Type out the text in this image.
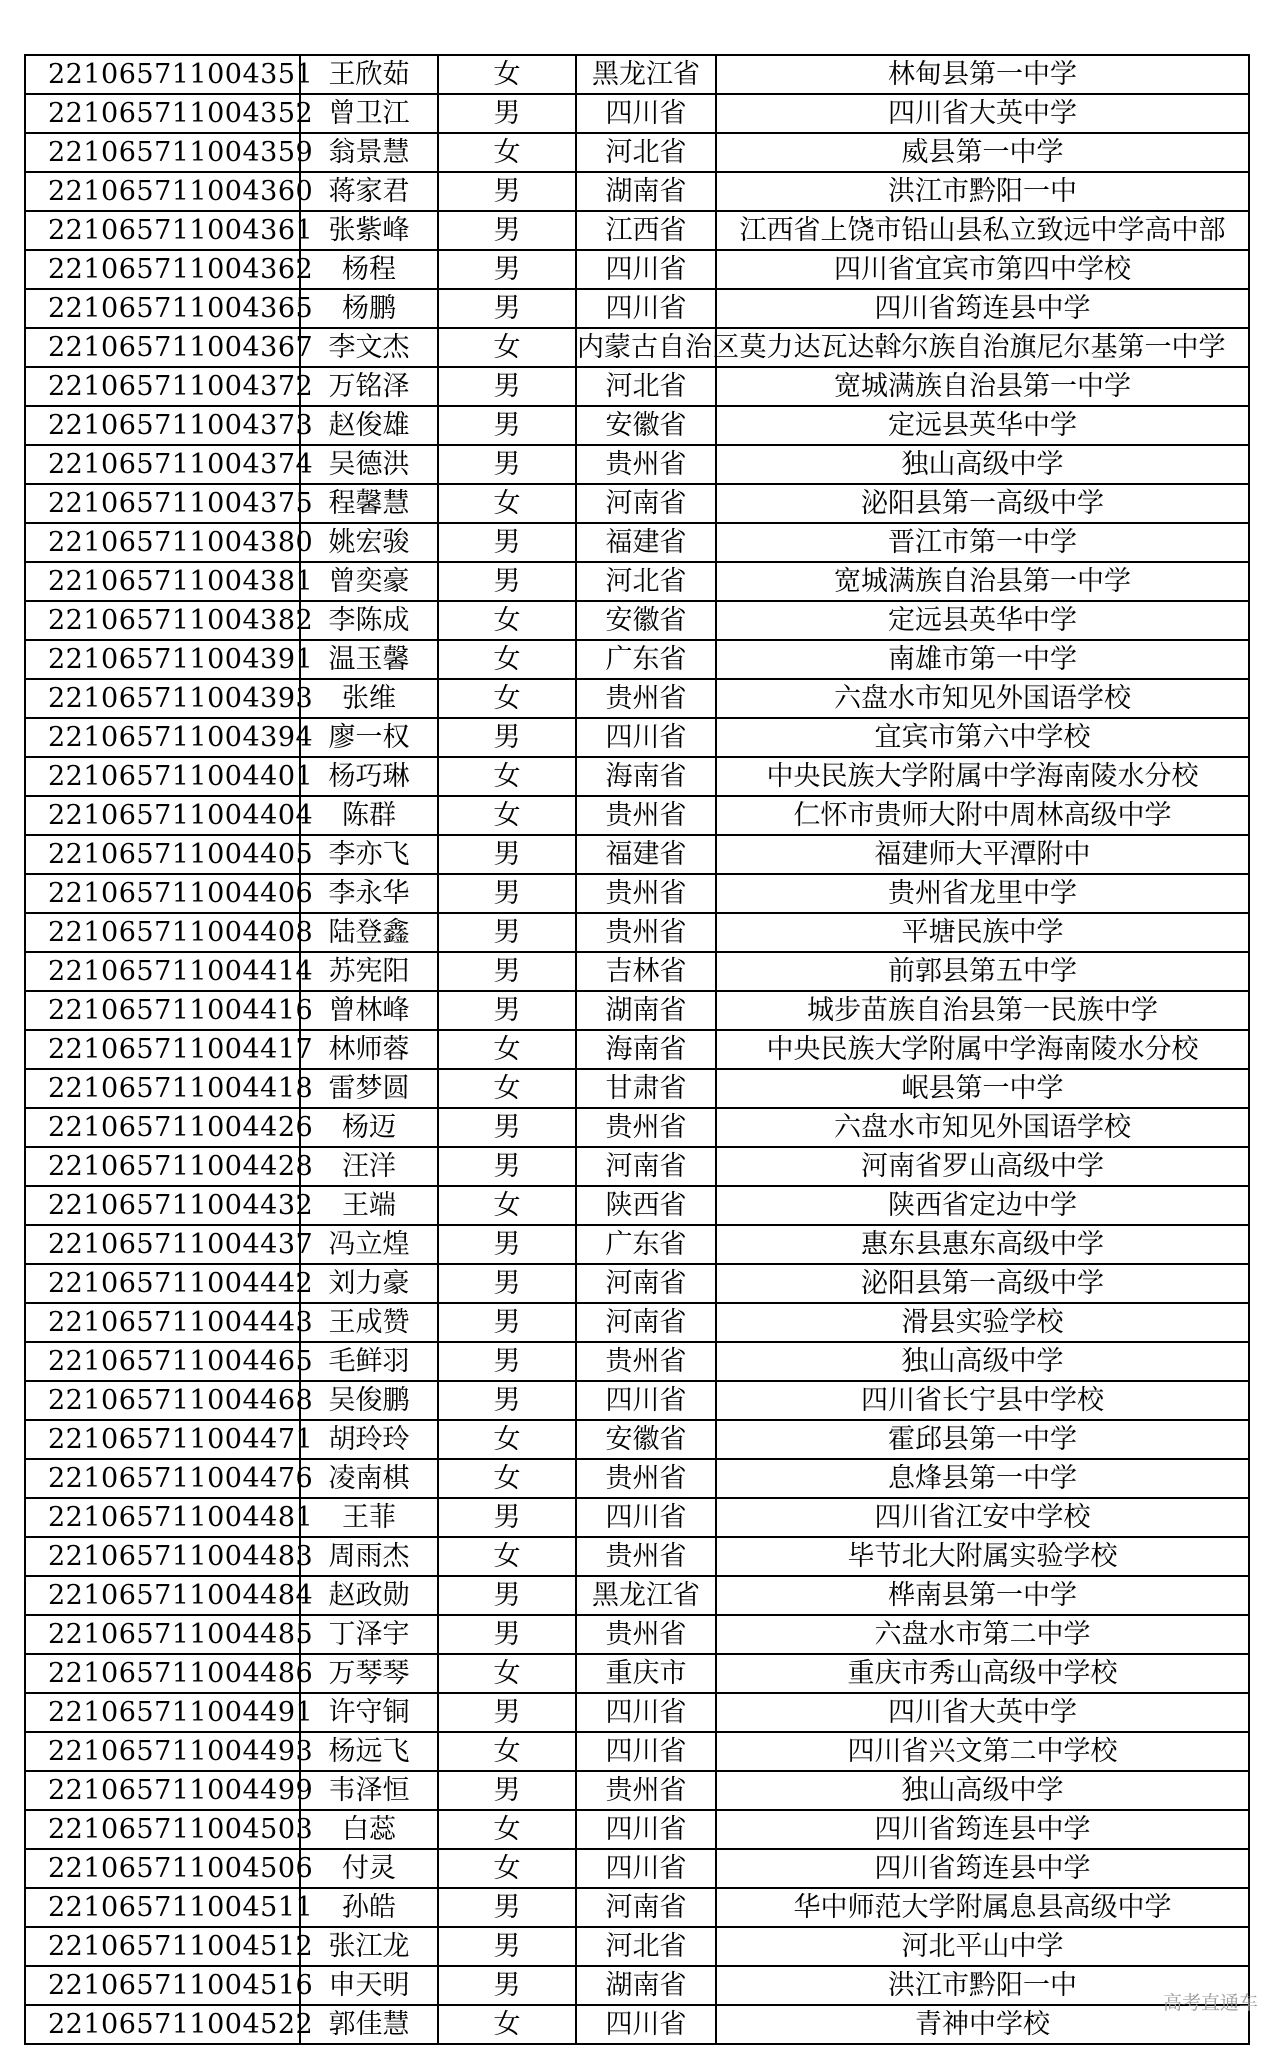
221065711004351	王欣茹	女	黑龙江省	林甸县第一中学
221065711004352	曾卫江	男	四川省	四川省大英中学
221065711004359	翁景慧	女	河北省	威县第一中学
221065711004360	蒋家君	男	湖南省	洪江市黔阳一中
221065711004361	张紫峰	男	江西省	江西省上饶市铅山县私立致远中学高中部
221065711004362	杨程	男	四川省	四川省宜宾市第四中学校
221065711004365	杨鹏	男	四川省	四川省筠连县中学
221065711004367	李文杰	女	内蒙古自治区	莫力达瓦达斡尔族自治旗尼尔基第一中学
221065711004372	万铭泽	男	河北省	宽城满族自治县第一中学
221065711004373	赵俊雄	男	安徽省	定远县英华中学
221065711004374	吴德洪	男	贵州省	独山高级中学
221065711004375	程馨慧	女	河南省	泌阳县第一高级中学
221065711004380	姚宏骏	男	福建省	晋江市第一中学
221065711004381	曾奕豪	男	河北省	宽城满族自治县第一中学
221065711004382	李陈成	女	安徽省	定远县英华中学
221065711004391	温玉馨	女	广东省	南雄市第一中学
221065711004393	张维	女	贵州省	六盘水市知见外国语学校
221065711004394	廖一权	男	四川省	宜宾市第六中学校
221065711004401	杨巧琳	女	海南省	中央民族大学附属中学海南陵水分校
221065711004404	陈群	女	贵州省	仁怀市贵师大附中周林高级中学
221065711004405	李亦飞	男	福建省	福建师大平潭附中
221065711004406	李永华	男	贵州省	贵州省龙里中学
221065711004408	陆登鑫	男	贵州省	平塘民族中学
221065711004414	苏宪阳	男	吉林省	前郭县第五中学
221065711004416	曾林峰	男	湖南省	城步苗族自治县第一民族中学
221065711004417	林师蓉	女	海南省	中央民族大学附属中学海南陵水分校
221065711004418	雷梦圆	女	甘肃省	岷县第一中学
221065711004426	杨迈	男	贵州省	六盘水市知见外国语学校
221065711004428	汪洋	男	河南省	河南省罗山高级中学
221065711004432	王端	女	陕西省	陕西省定边中学
221065711004437	冯立煌	男	广东省	惠东县惠东高级中学
221065711004442	刘力豪	男	河南省	泌阳县第一高级中学
221065711004443	王成赞	男	河南省	滑县实验学校
221065711004465	毛鲜羽	男	贵州省	独山高级中学
221065711004468	吴俊鹏	男	四川省	四川省长宁县中学校
221065711004471	胡玲玲	女	安徽省	霍邱县第一中学
221065711004476	凌南棋	女	贵州省	息烽县第一中学
221065711004481	王菲	男	四川省	四川省江安中学校
221065711004483	周雨杰	女	贵州省	毕节北大附属实验学校
221065711004484	赵政勋	男	黑龙江省	桦南县第一中学
221065711004485	丁泽宇	男	贵州省	六盘水市第二中学
221065711004486	万琴琴	女	重庆市	重庆市秀山高级中学校
221065711004491	许守铜	男	四川省	四川省大英中学
221065711004493	杨远飞	女	四川省	四川省兴文第二中学校
221065711004499	韦泽恒	男	贵州省	独山高级中学
221065711004503	白蕊	女	四川省	四川省筠连县中学
221065711004506	付灵	女	四川省	四川省筠连县中学
221065711004511	孙皓	男	河南省	华中师范大学附属息县高级中学
221065711004512	张江龙	男	河北省	河北平山中学
221065711004516	申天明	男	湖南省	洪江市黔阳一中
221065711004522	郭佳慧	女	四川省	青神中学校
高考直通车
